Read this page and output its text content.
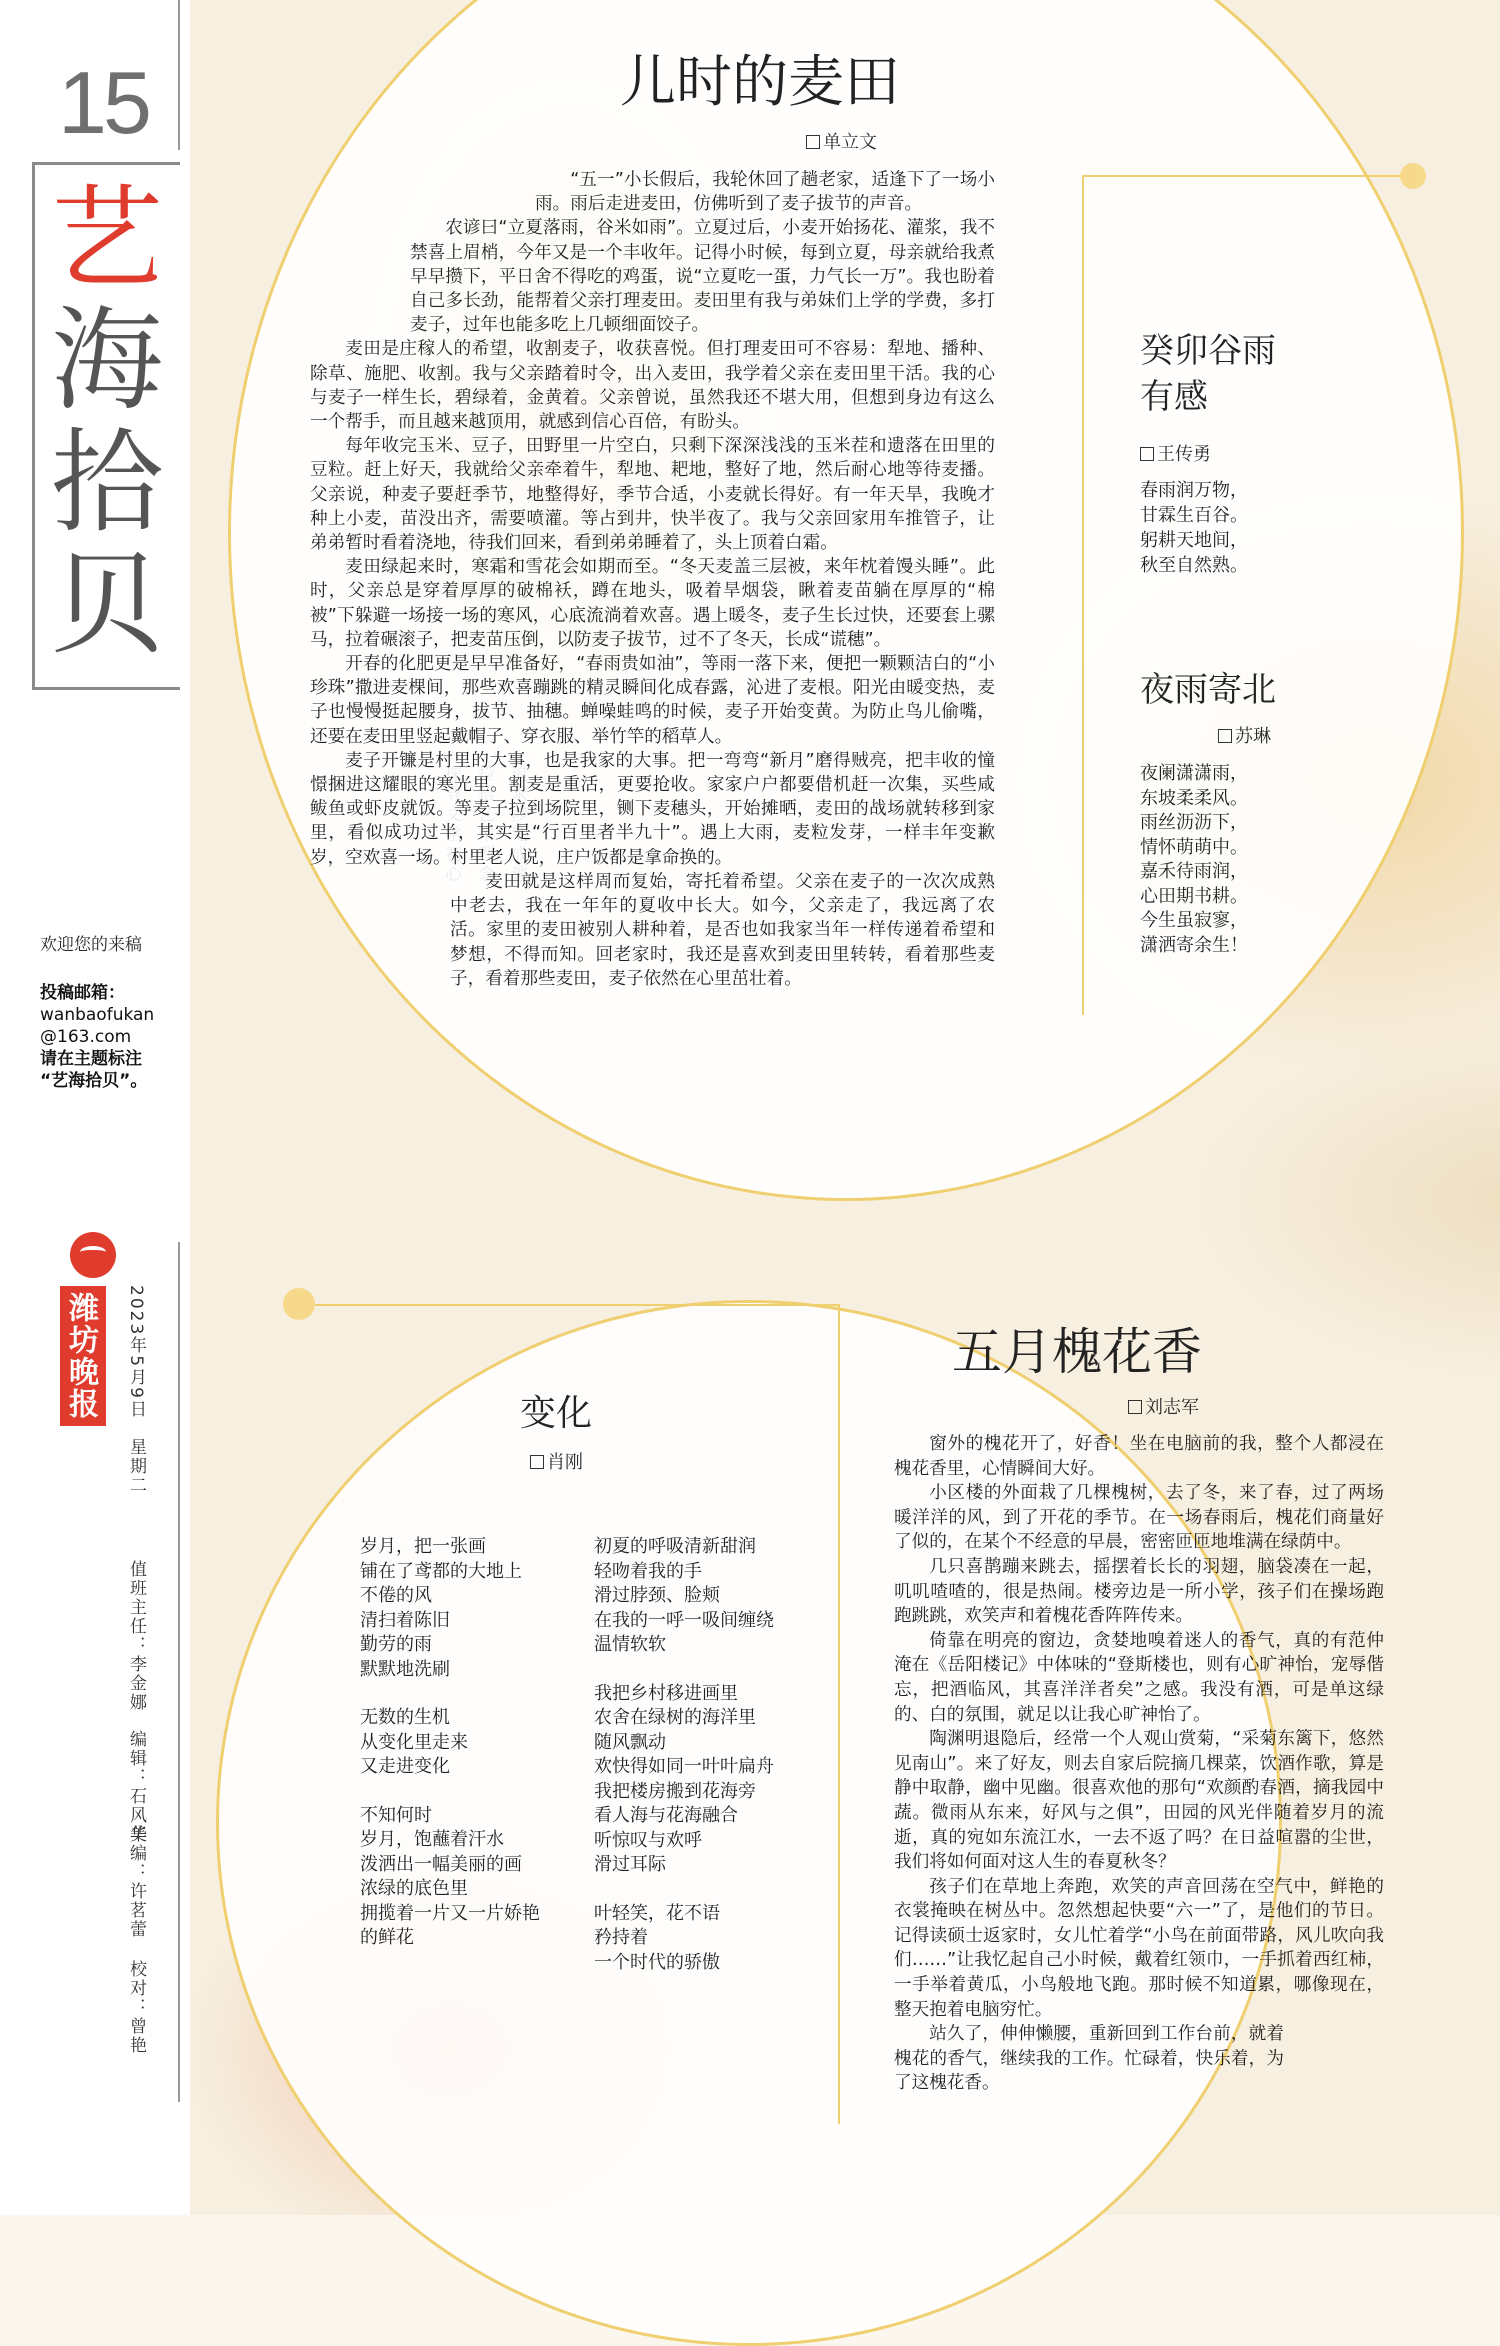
15
艺
海
拾
贝
欢迎您的来稿
投稿邮箱：
wanbaofukan
@163.com
请在主题标注
“艺海拾贝”。
潍坊晚报	2023年5月9日　星期二
值班主任：李金娜
编辑：石风华
美编：许茗蕾
校对：曾艳
儿时的麦田
单立文

“五一”小长假后，我轮休回了趟老家，适逢下了一场小雨。雨后走进麦田，仿佛听到了麦子拔节的声音。

农谚曰“立夏落雨，谷米如雨”。立夏过后，小麦开始扬花、灌浆，我不禁喜上眉梢，今年又是一个丰收年。记得小时候，每到立夏，母亲就给我煮早早攒下，平日舍不得吃的鸡蛋，说“立夏吃一蛋，力气长一万”。我也盼着自己多长劲，能帮着父亲打理麦田。麦田里有我与弟妹们上学的学费，多打麦子，过年也能多吃上几顿细面饺子。

麦田是庄稼人的希望，收割麦子，收获喜悦。但打理麦田可不容易：犁地、播种、除草、施肥、收割。我与父亲踏着时令，出入麦田，我学着父亲在麦田里干活。我的心与麦子一样生长，碧绿着，金黄着。父亲曾说，虽然我还不堪大用，但想到身边有这么一个帮手，而且越来越顶用，就感到信心百倍，有盼头。

每年收完玉米、豆子，田野里一片空白，只剩下深深浅浅的玉米茬和遗落在田里的豆粒。赶上好天，我就给父亲牵着牛，犁地、耙地，整好了地，然后耐心地等待麦播。父亲说，种麦子要赶季节，地整得好，季节合适，小麦就长得好。有一年天旱，我晚才种上小麦，苗没出齐，需要喷灌。等占到井，快半夜了。我与父亲回家用车推管子，让弟弟暂时看着浇地，待我们回来，看到弟弟睡着了，头上顶着白霜。

麦田绿起来时，寒霜和雪花会如期而至。“冬天麦盖三层被，来年枕着馒头睡”。此时，父亲总是穿着厚厚的破棉袄，蹲在地头，吸着旱烟袋，瞅着麦苗躺在厚厚的“棉被”下躲避一场接一场的寒风，心底流淌着欢喜。遇上暖冬，麦子生长过快，还要套上骡马，拉着碾滚子，把麦苗压倒，以防麦子拔节，过不了冬天，长成“谎穗”。

开春的化肥更是早早准备好，“春雨贵如油”，等雨一落下来，便把一颗颗洁白的“小珍珠”撒进麦棵间，那些欢喜蹦跳的精灵瞬间化成春露，沁进了麦根。阳光由暖变热，麦子也慢慢挺起腰身，拔节、抽穗。蝉噪蛙鸣的时候，麦子开始变黄。为防止鸟儿偷嘴，还要在麦田里竖起戴帽子、穿衣服、举竹竿的稻草人。

麦子开镰是村里的大事，也是我家的大事。把一弯弯“新月”磨得贼亮，把丰收的憧憬捆进这耀眼的寒光里。割麦是重活，更要抢收。家家户户都要借机赶一次集，买些咸鲅鱼或虾皮就饭。等麦子拉到场院里，铡下麦穗头，开始摊晒，麦田的战场就转移到家里，看似成功过半，其实是“行百里者半九十”。遇上大雨，麦粒发芽，一样丰年变歉岁，空欢喜一场。村里老人说，庄户饭都是拿命换的。

麦田就是这样周而复始，寄托着希望。父亲在麦子的一次次成熟中老去，我在一年年的夏收中长大。如今，父亲走了，我远离了农活。家里的麦田被别人耕种着，是否也如我家当年一样传递着希望和梦想，不得而知。回老家时，我还是喜欢到麦田里转转，看着那些麦子，看着那些麦田，麦子依然在心里茁壮着。

癸卯谷雨
有感
王传勇
春雨润万物，
甘霖生百谷。
躬耕天地间，
秋至自然熟。
夜雨寄北
苏琳
夜阑潇潇雨，
东坡柔柔风。
雨丝沥沥下，
情怀萌萌中。
嘉禾待雨润，
心田期书耕。
今生虽寂寥，
潇洒寄余生！
变化
肖刚

岁月，把一张画
铺在了鸢都的大地上
不倦的风
清扫着陈旧
勤劳的雨
默默地洗刷

无数的生机
从变化里走来
又走进变化

不知何时
岁月，饱蘸着汗水
泼洒出一幅美丽的画
浓绿的底色里
拥揽着一片又一片娇艳
的鲜花

初夏的呼吸清新甜润
轻吻着我的手
滑过脖颈、脸颊
在我的一呼一吸间缠绕
温情软软

我把乡村移进画里
农舍在绿树的海洋里
随风飘动
欢快得如同一叶叶扁舟
我把楼房搬到花海旁
看人海与花海融合
听惊叹与欢呼
滑过耳际

叶轻笑，花不语
矜持着
一个时代的骄傲

五月槐花香
刘志军

窗外的槐花开了，好香！坐在电脑前的我，整个人都浸在槐花香里，心情瞬间大好。

小区楼的外面栽了几棵槐树，去了冬，来了春，过了两场暖洋洋的风，到了开花的季节。在一场春雨后，槐花们商量好了似的，在某个不经意的早晨，密密匝匝地堆满在绿荫中。

几只喜鹊蹦来跳去，摇摆着长长的羽翅，脑袋凑在一起，叽叽喳喳的，很是热闹。楼旁边是一所小学，孩子们在操场跑跑跳跳，欢笑声和着槐花香阵阵传来。

倚靠在明亮的窗边，贪婪地嗅着迷人的香气，真的有范仲淹在《岳阳楼记》中体味的“登斯楼也，则有心旷神怡，宠辱偕忘，把酒临风，其喜洋洋者矣”之感。我没有酒，可是单这绿的、白的氛围，就足以让我心旷神怡了。

陶渊明退隐后，经常一个人观山赏菊，“采菊东篱下，悠然见南山”。来了好友，则去自家后院摘几棵菜，饮酒作歌，算是静中取静，幽中见幽。很喜欢他的那句“欢颜酌春酒，摘我园中蔬。微雨从东来，好风与之俱”，田园的风光伴随着岁月的流逝，真的宛如东流江水，一去不返了吗？在日益喧嚣的尘世，我们将如何面对这人生的春夏秋冬？

孩子们在草地上奔跑，欢笑的声音回荡在空气中，鲜艳的衣裳掩映在树丛中。忽然想起快要“六一”了，是他们的节日。记得读硕士返家时，女儿忙着学“小鸟在前面带路，风儿吹向我们……”让我忆起自己小时候，戴着红领巾，一手抓着西红柿，一手举着黄瓜，小鸟般地飞跑。那时候不知道累，哪像现在，整天抱着电脑穷忙。

站久了，伸伸懒腰，重新回到工作台前，就着槐花的香气，继续我的工作。忙碌着，快乐着，为了这槐花香。
